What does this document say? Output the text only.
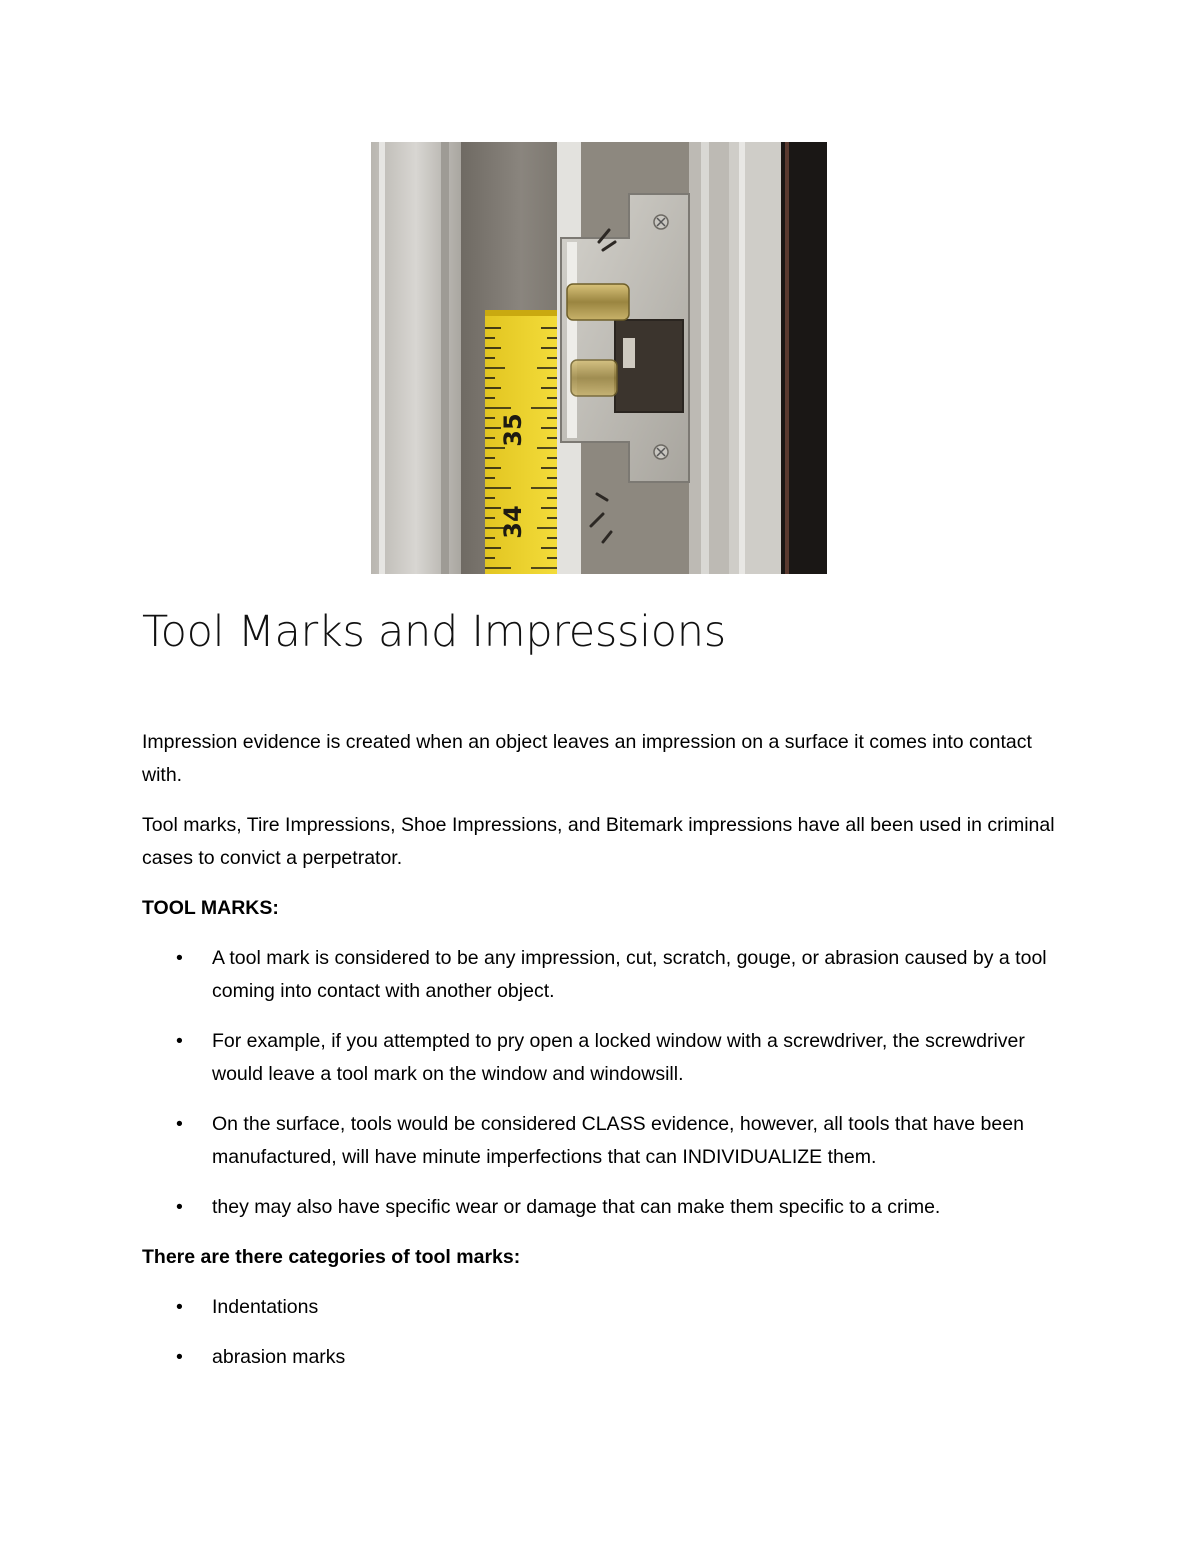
35
34
Tool Marks and Impressions

Impression evidence is created when an object leaves an impression on a surface it comes into contact with.

Tool marks, Tire Impressions, Shoe Impressions, and Bitemark impressions have all been used in criminal cases to convict a perpetrator.

TOOL MARKS:

• A tool mark is considered to be any impression, cut, scratch, gouge, or abrasion caused by a tool coming into contact with another object.
• For example, if you attempted to pry open a locked window with a screwdriver, the screwdriver would leave a tool mark on the window and windowsill.
• On the surface, tools would be considered CLASS evidence, however, all tools that have been manufactured, will have minute imperfections that can INDIVIDUALIZE them.
• they may also have specific wear or damage that can make them specific to a crime.

There are there categories of tool marks:

• Indentations
• abrasion marks
